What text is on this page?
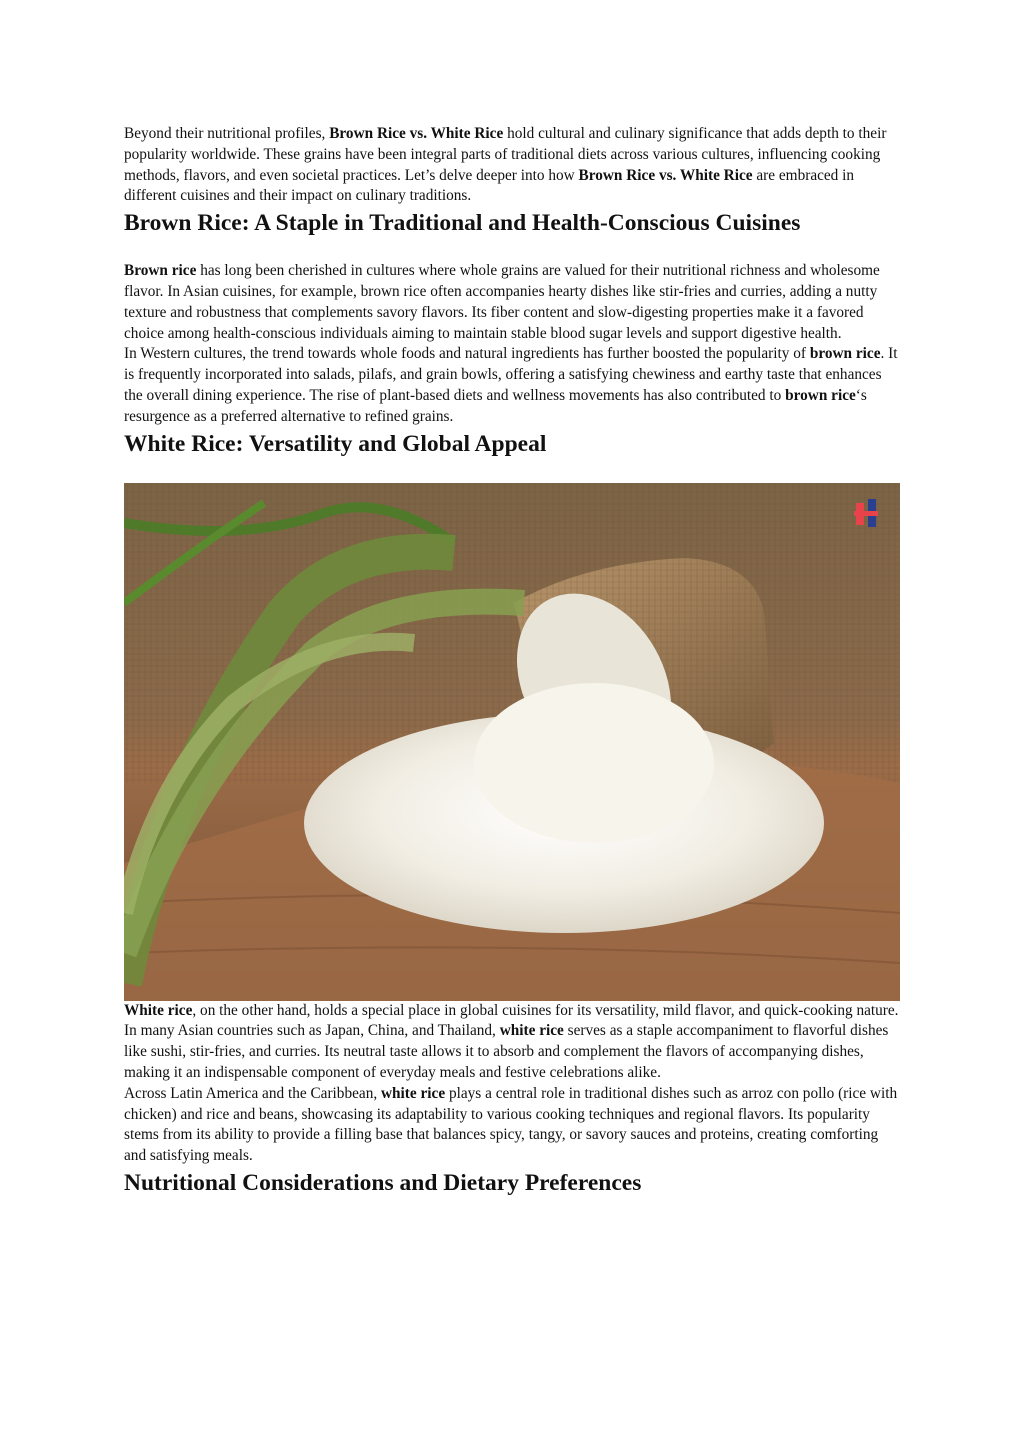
Beyond their nutritional profiles, Brown Rice vs. White Rice hold cultural and culinary significance that adds depth to their popularity worldwide. These grains have been integral parts of traditional diets across various cultures, influencing cooking methods, flavors, and even societal practices. Let’s delve deeper into how Brown Rice vs. White Rice are embraced in different cuisines and their impact on culinary traditions.

Brown Rice: A Staple in Traditional and Health-Conscious Cuisines

Brown rice has long been cherished in cultures where whole grains are valued for their nutritional richness and wholesome flavor. In Asian cuisines, for example, brown rice often accompanies hearty dishes like stir-fries and curries, adding a nutty texture and robustness that complements savory flavors. Its fiber content and slow-digesting properties make it a favored choice among health-conscious individuals aiming to maintain stable blood sugar levels and support digestive health.

In Western cultures, the trend towards whole foods and natural ingredients has further boosted the popularity of brown rice. It is frequently incorporated into salads, pilafs, and grain bowls, offering a satisfying chewiness and earthy taste that enhances the overall dining experience. The rise of plant-based diets and wellness movements has also contributed to brown rice‘s resurgence as a preferred alternative to refined grains.

White Rice: Versatility and Global Appeal

White rice, on the other hand, holds a special place in global cuisines for its versatility, mild flavor, and quick-cooking nature. In many Asian countries such as Japan, China, and Thailand, white rice serves as a staple accompaniment to flavorful dishes like sushi, stir-fries, and curries. Its neutral taste allows it to absorb and complement the flavors of accompanying dishes, making it an indispensable component of everyday meals and festive celebrations alike.

Across Latin America and the Caribbean, white rice plays a central role in traditional dishes such as arroz con pollo (rice with chicken) and rice and beans, showcasing its adaptability to various cooking techniques and regional flavors. Its popularity stems from its ability to provide a filling base that balances spicy, tangy, or savory sauces and proteins, creating comforting and satisfying meals.

Nutritional Considerations and Dietary Preferences
